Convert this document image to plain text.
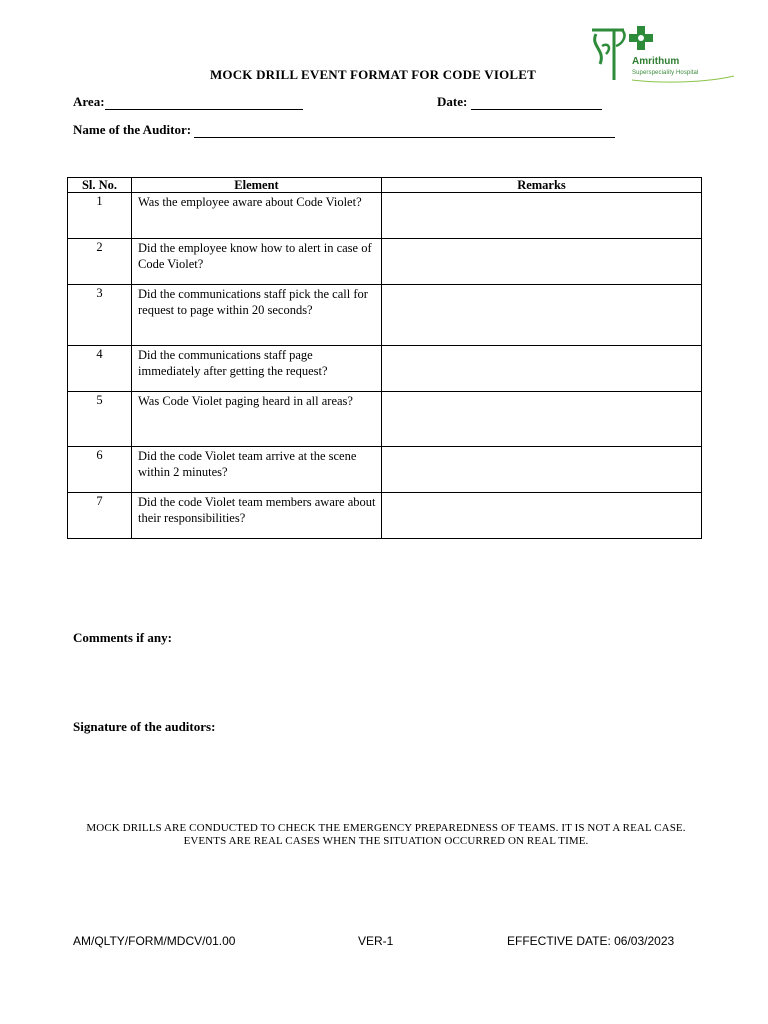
Amrithum
Superspeciality Hospital
MOCK DRILL EVENT FORMAT FOR CODE VIOLET
Area:	Date:
Name of the Auditor:
Sl. No.	Element	Remarks
1	Was the employee aware about Code Violet?	
2	Did the employee know how to alert in case of Code Violet?	
3	Did the communications staff pick the call for request to page within 20 seconds?	
4	Did the communications staff page immediately after getting the request?	
5	Was Code Violet paging heard in all areas?	
6	Did the code Violet team arrive at the scene within 2 minutes?	
7	Did the code Violet team members aware about their responsibilities?	
Comments if any:
Signature of the auditors:
MOCK DRILLS ARE CONDUCTED TO CHECK THE EMERGENCY PREPAREDNESS OF TEAMS. IT IS NOT A REAL CASE.
EVENTS ARE REAL CASES WHEN THE SITUATION OCCURRED ON REAL TIME.
AM/QLTY/FORM/MDCV/01.00	VER-1	EFFECTIVE DATE: 06/03/2023
